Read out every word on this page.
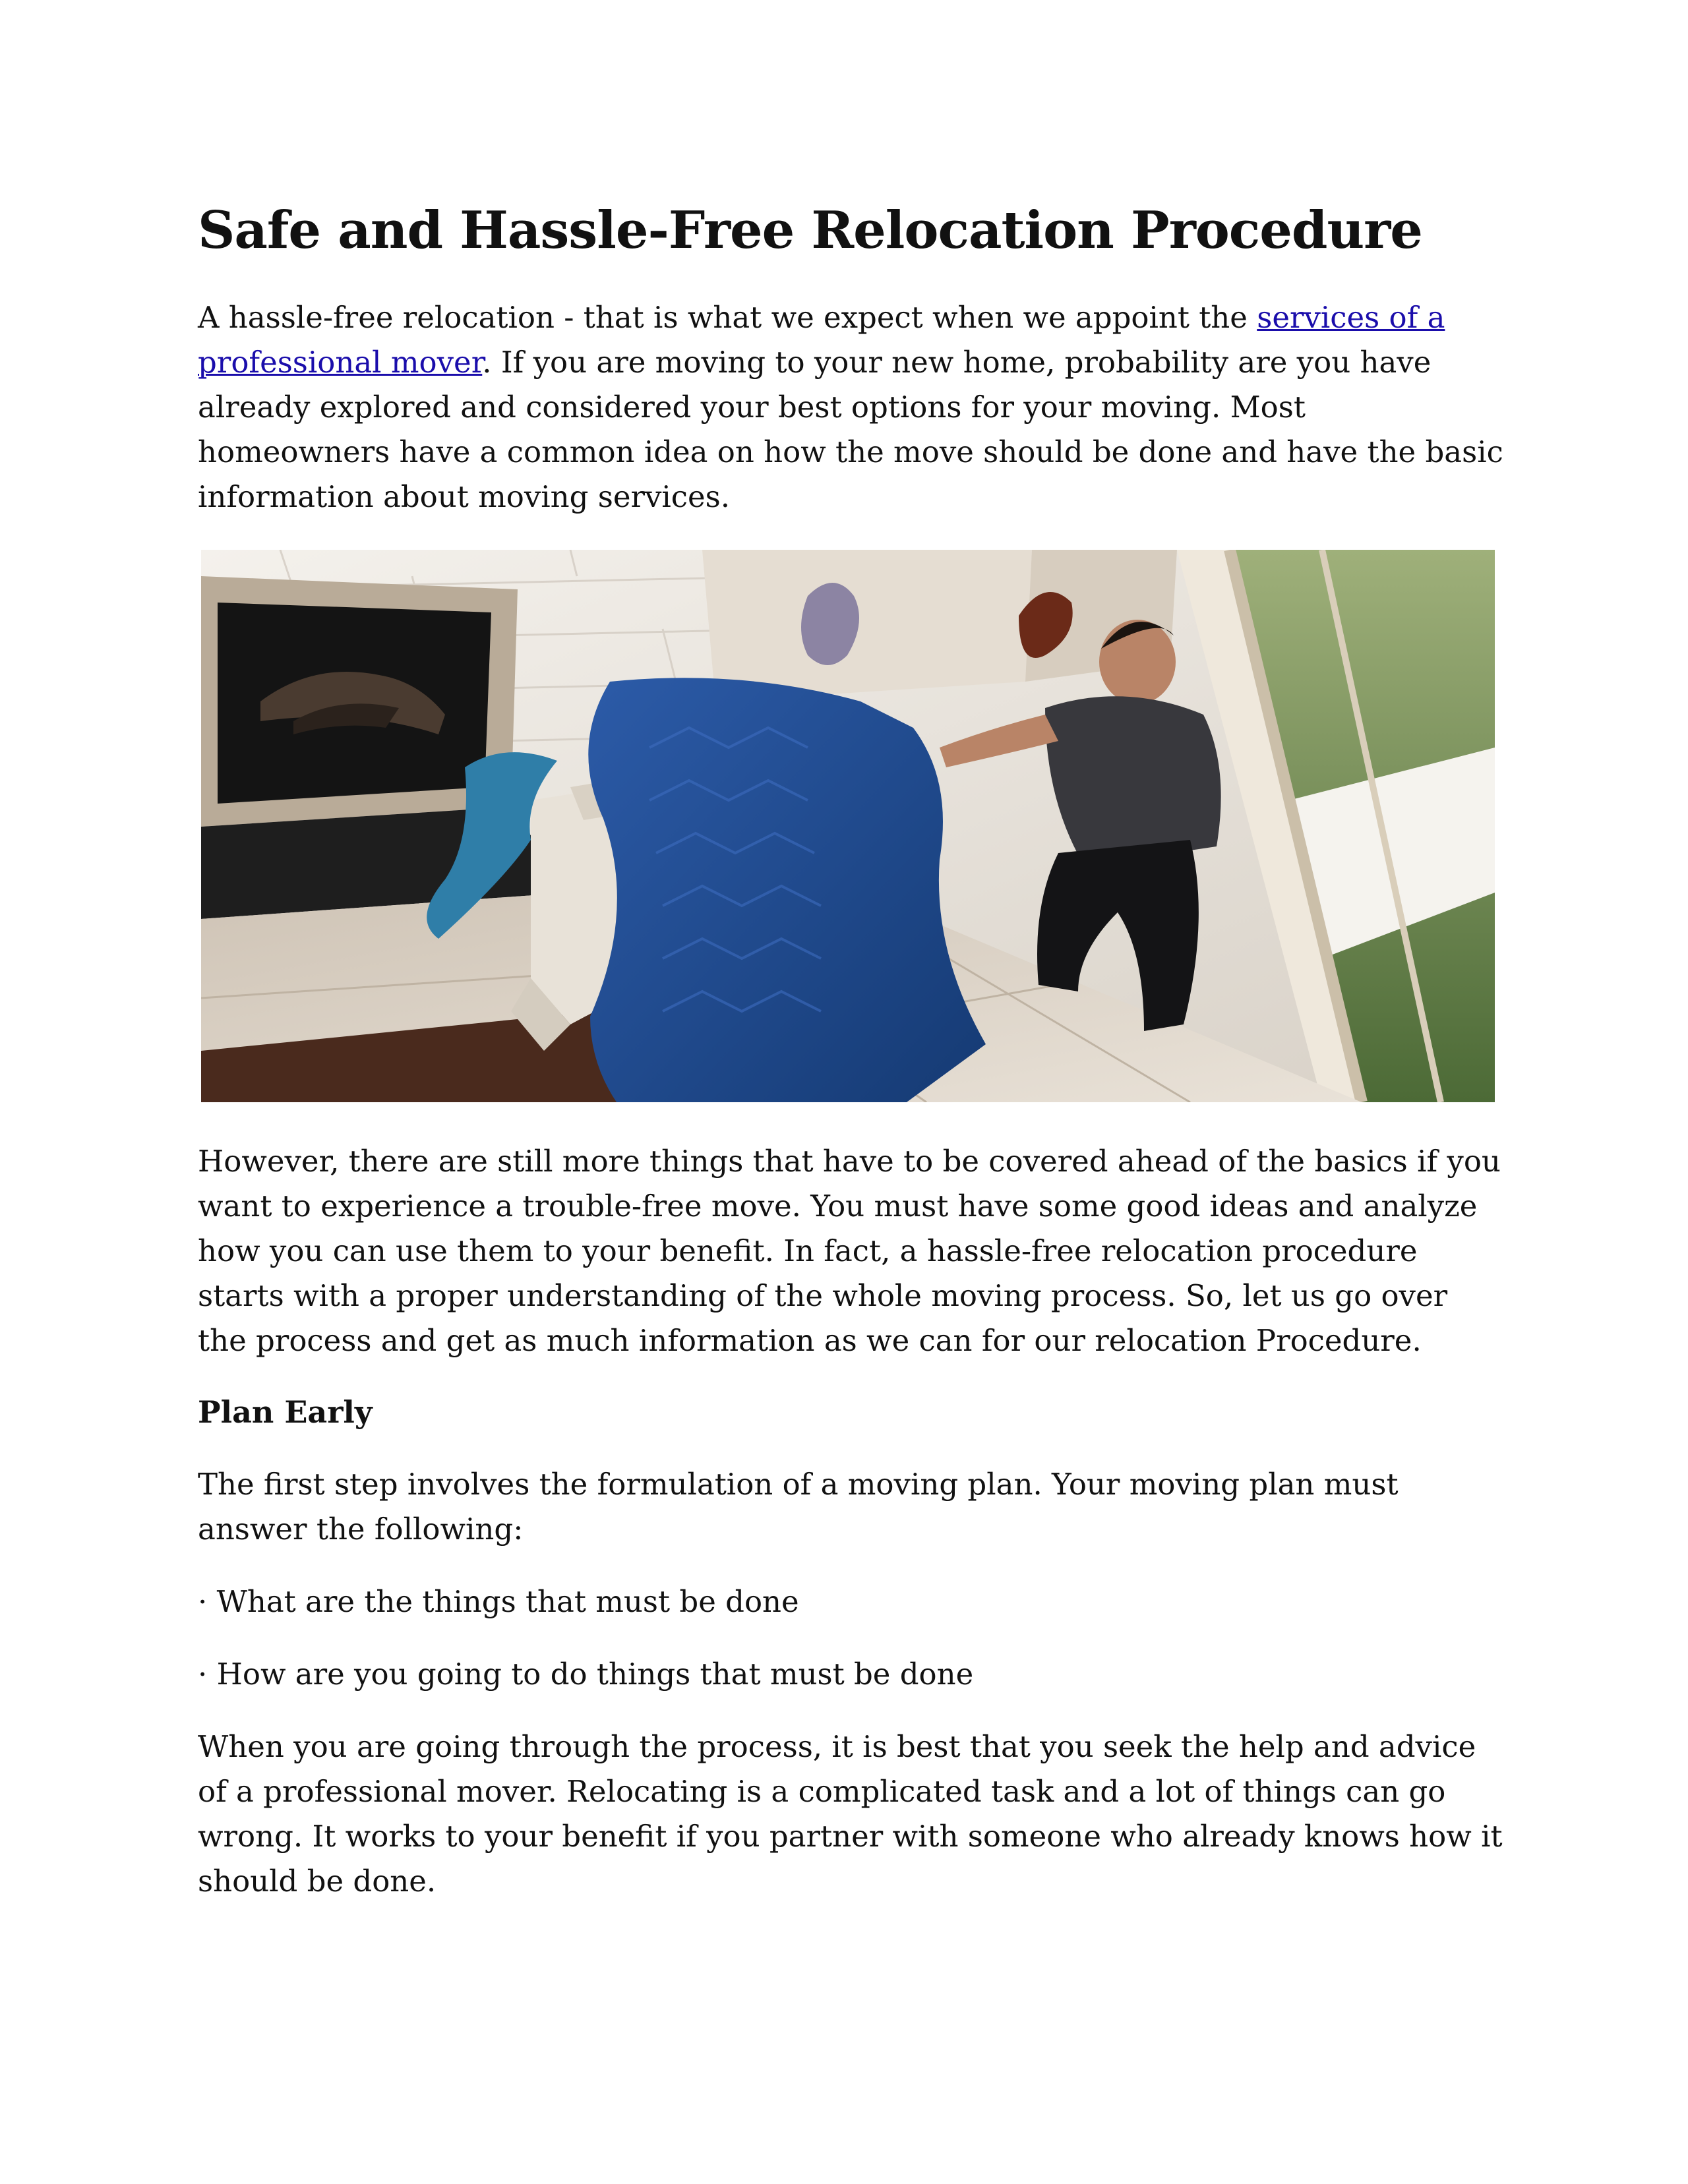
Safe and Hassle-Free Relocation Procedure

A hassle-free relocation - that is what we expect when we appoint the services of a professional mover. If you are moving to your new home, probability are you have already explored and considered your best options for your moving. Most homeowners have a common idea on how the move should be done and have the basic information about moving services.

However, there are still more things that have to be covered ahead of the basics if you want to experience a trouble-free move. You must have some good ideas and analyze how you can use them to your benefit. In fact, a hassle-free relocation procedure starts with a proper understanding of the whole moving process. So, let us go over the process and get as much information as we can for our relocation Procedure.

Plan Early

The first step involves the formulation of a moving plan. Your moving plan must answer the following:

· What are the things that must be done

· How are you going to do things that must be done

When you are going through the process, it is best that you seek the help and advice of a professional mover. Relocating is a complicated task and a lot of things can go wrong. It works to your benefit if you partner with someone who already knows how it should be done.
